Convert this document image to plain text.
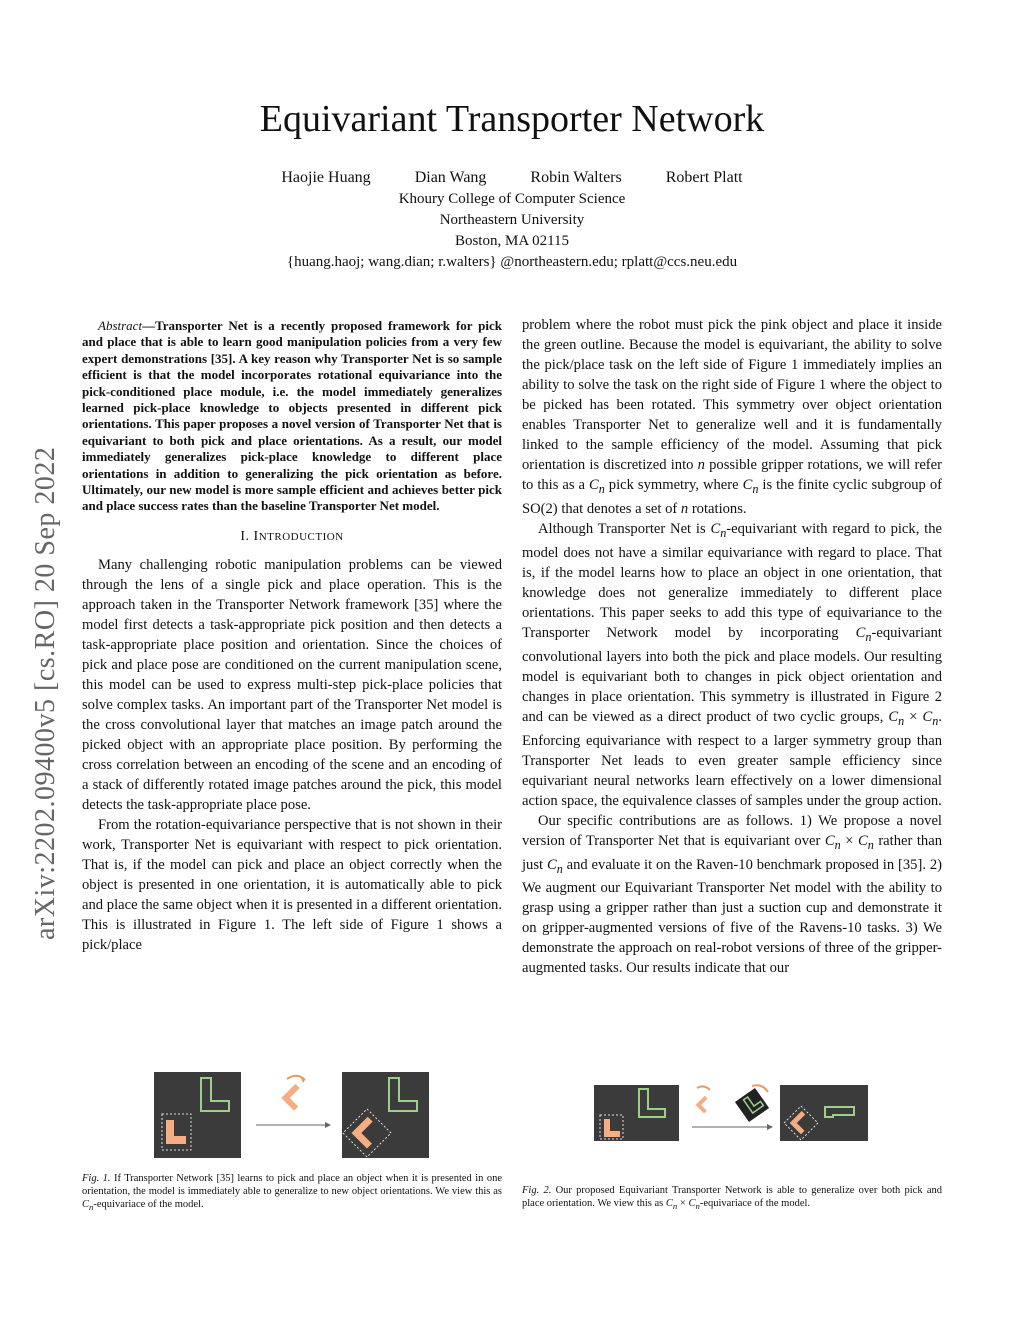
arXiv:2202.09400v5 [cs.RO] 20 Sep 2022
Equivariant Transporter Network
Haojie Huang	Dian Wang	Robin Walters	Robert Platt
Khoury College of Computer Science
Northeastern University
Boston, MA 02115
{huang.haoj; wang.dian; r.walters} @northeastern.edu; rplatt@ccs.neu.edu
Abstract—Transporter Net is a recently proposed framework for pick and place that is able to learn good manipulation policies from a very few expert demonstrations [35]. A key reason why Transporter Net is so sample efficient is that the model incorporates rotational equivariance into the pick-conditioned place module, i.e. the model immediately generalizes learned pick-place knowledge to objects presented in different pick orientations. This paper proposes a novel version of Transporter Net that is equivariant to both pick and place orientations. As a result, our model immediately generalizes pick-place knowledge to different place orientations in addition to generalizing the pick orientation as before. Ultimately, our new model is more sample efficient and achieves better pick and place success rates than the baseline Transporter Net model.
I. INTRODUCTION

Many challenging robotic manipulation problems can be viewed through the lens of a single pick and place operation. This is the approach taken in the Transporter Network framework [35] where the model first detects a task-appropriate pick position and then detects a task-appropriate place position and orientation. Since the choices of pick and place pose are conditioned on the current manipulation scene, this model can be used to express multi-step pick-place policies that solve complex tasks. An important part of the Transporter Net model is the cross convolutional layer that matches an image patch around the picked object with an appropriate place position. By performing the cross correlation between an encoding of the scene and an encoding of a stack of differently rotated image patches around the pick, this model detects the task-appropriate place pose.

From the rotation-equivariance perspective that is not shown in their work, Transporter Net is equivariant with respect to pick orientation. That is, if the model can pick and place an object correctly when the object is presented in one orientation, it is automatically able to pick and place the same object when it is presented in a different orientation. This is illustrated in Figure 1. The left side of Figure 1 shows a pick/place

problem where the robot must pick the pink object and place it inside the green outline. Because the model is equivariant, the ability to solve the pick/place task on the left side of Figure 1 immediately implies an ability to solve the task on the right side of Figure 1 where the object to be picked has been rotated. This symmetry over object orientation enables Transporter Net to generalize well and it is fundamentally linked to the sample efficiency of the model. Assuming that pick orientation is discretized into n possible gripper rotations, we will refer to this as a $C_n$ pick symmetry, where $C_n$ is the finite cyclic subgroup of SO(2) that denotes a set of n rotations.

Although Transporter Net is $C_n$-equivariant with regard to pick, the model does not have a similar equivariance with regard to place. That is, if the model learns how to place an object in one orientation, that knowledge does not generalize immediately to different place orientations. This paper seeks to add this type of equivariance to the Transporter Network model by incorporating $C_n$-equivariant convolutional layers into both the pick and place models. Our resulting model is equivariant both to changes in pick object orientation and changes in place orientation. This symmetry is illustrated in Figure 2 and can be viewed as a direct product of two cyclic groups, $C_n \times C_n$. Enforcing equivariance with respect to a larger symmetry group than Transporter Net leads to even greater sample efficiency since equivariant neural networks learn effectively on a lower dimensional action space, the equivalence classes of samples under the group action.

Our specific contributions are as follows. 1) We propose a novel version of Transporter Net that is equivariant over $C_n \times C_n$ rather than just $C_n$ and evaluate it on the Raven-10 benchmark proposed in [35]. 2) We augment our Equivariant Transporter Net model with the ability to grasp using a gripper rather than just a suction cup and demonstrate it on gripper-augmented versions of five of the Ravens-10 tasks. 3) We demonstrate the approach on real-robot versions of three of the gripper-augmented tasks. Our results indicate that our

Fig. 1. If Transporter Network [35] learns to pick and place an object when it is presented in one orientation, the model is immediately able to generalize to new object orientations. We view this as $C_n$-equivariace of the model.
Fig. 2. Our proposed Equivariant Transporter Network is able to generalize over both pick and place orientation. We view this as $C_n$ × $C_n$-equivariace of the model.
